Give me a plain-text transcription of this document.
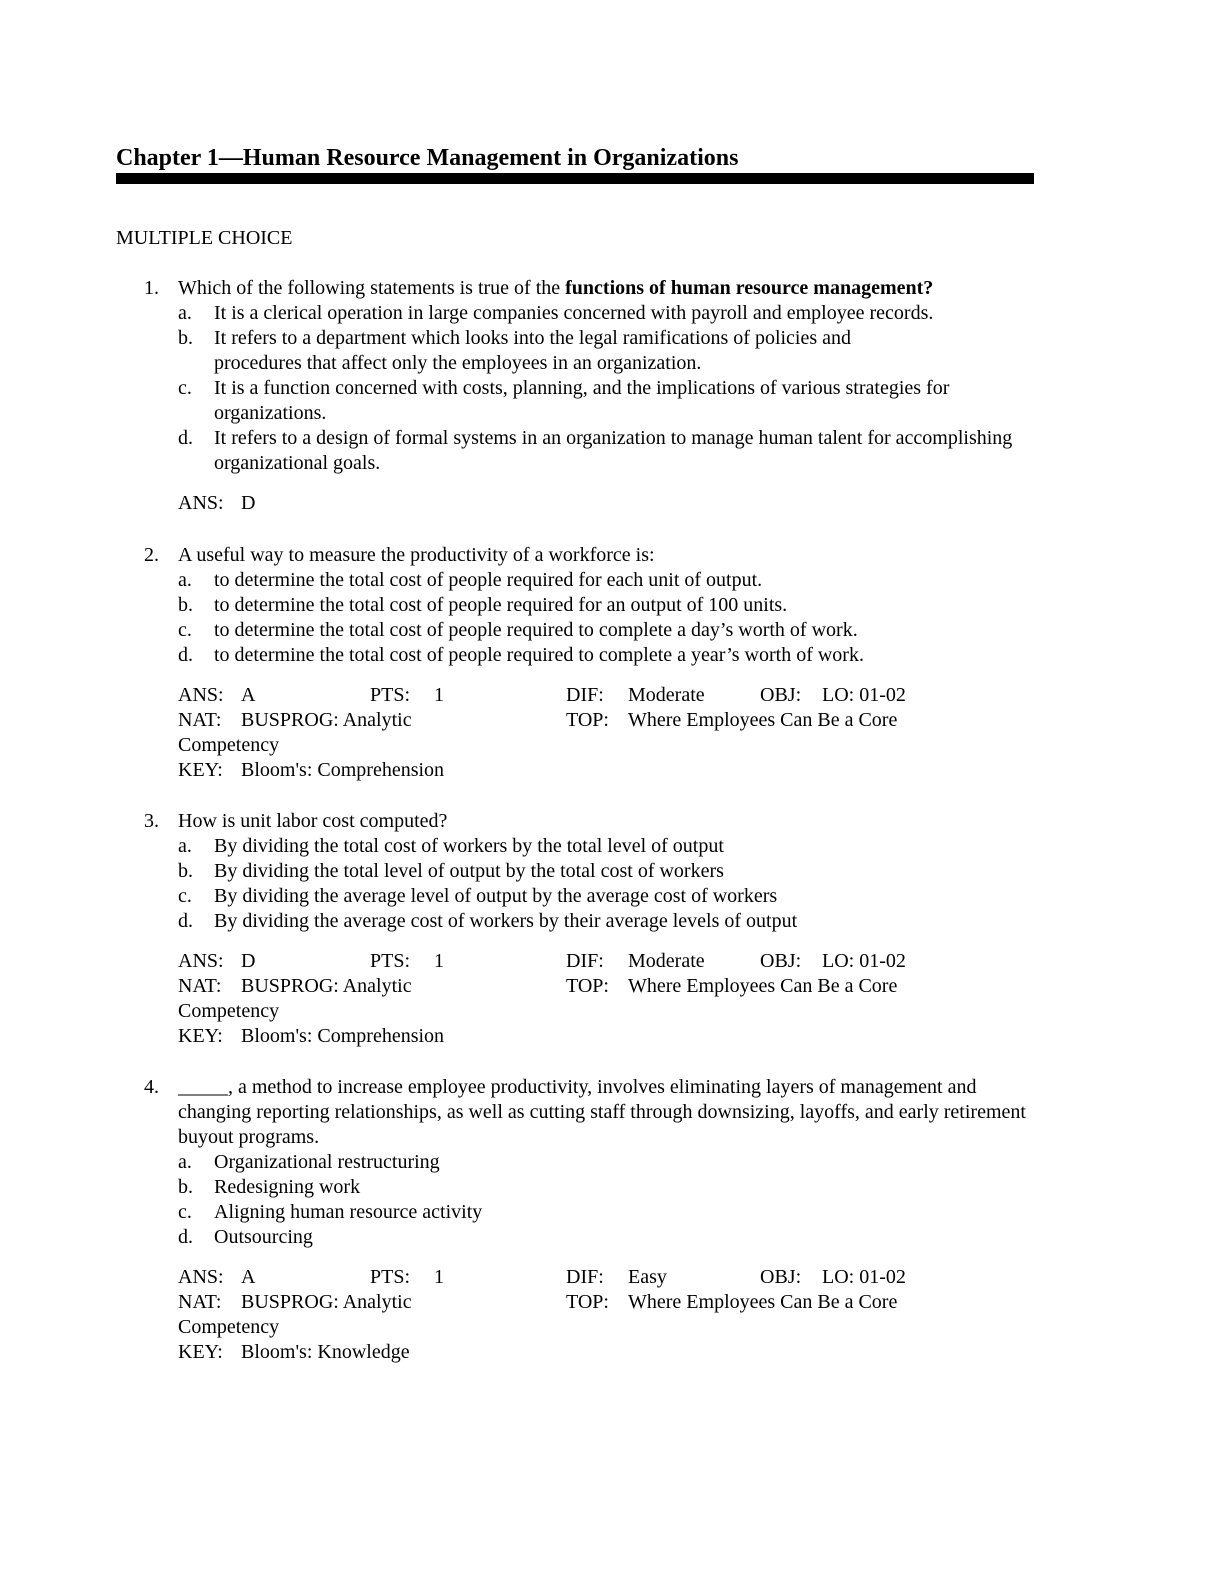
Chapter 1—Human Resource Management in Organizations
MULTIPLE CHOICE
1. Which of the following statements is true of the functions of human resource management?
a.	It is a clerical operation in large companies concerned with payroll and employee records.
b.	It refers to a department which looks into the legal ramifications of policies and procedures that affect only the employees in an organization.
c.	It is a function concerned with costs, planning, and the implications of various strategies for organizations.
d.	It refers to a design of formal systems in an organization to manage human talent for accomplishing organizational goals.
ANS: D
2. A useful way to measure the productivity of a workforce is:
a.	to determine the total cost of people required for each unit of output.
b.	to determine the total cost of people required for an output of 100 units.
c.	to determine the total cost of people required to complete a day’s worth of work.
d.	to determine the total cost of people required to complete a year’s worth of work.
ANS: A	PTS:	1	DIF:	Moderate	OBJ:	LO: 01-02
NAT: BUSPROG: Analytic	TOP: Where Employees Can Be a Core
Competency
KEY: Bloom's: Comprehension
3. How is unit labor cost computed?
a.	By dividing the total cost of workers by the total level of output
b.	By dividing the total level of output by the total cost of workers
c.	By dividing the average level of output by the average cost of workers
d.	By dividing the average cost of workers by their average levels of output
ANS: D	PTS:	1	DIF:	Moderate	OBJ:	LO: 01-02
NAT: BUSPROG: Analytic	TOP: Where Employees Can Be a Core
Competency
KEY: Bloom's: Comprehension
4. _____, a method to increase employee productivity, involves eliminating layers of management and changing reporting relationships, as well as cutting staff through downsizing, layoffs, and early retirement buyout programs.
a.	Organizational restructuring
b.	Redesigning work
c.	Aligning human resource activity
d.	Outsourcing
ANS: A	PTS:	1	DIF:	Easy	OBJ:	LO: 01-02
NAT: BUSPROG: Analytic	TOP: Where Employees Can Be a Core
Competency
KEY: Bloom's: Knowledge
